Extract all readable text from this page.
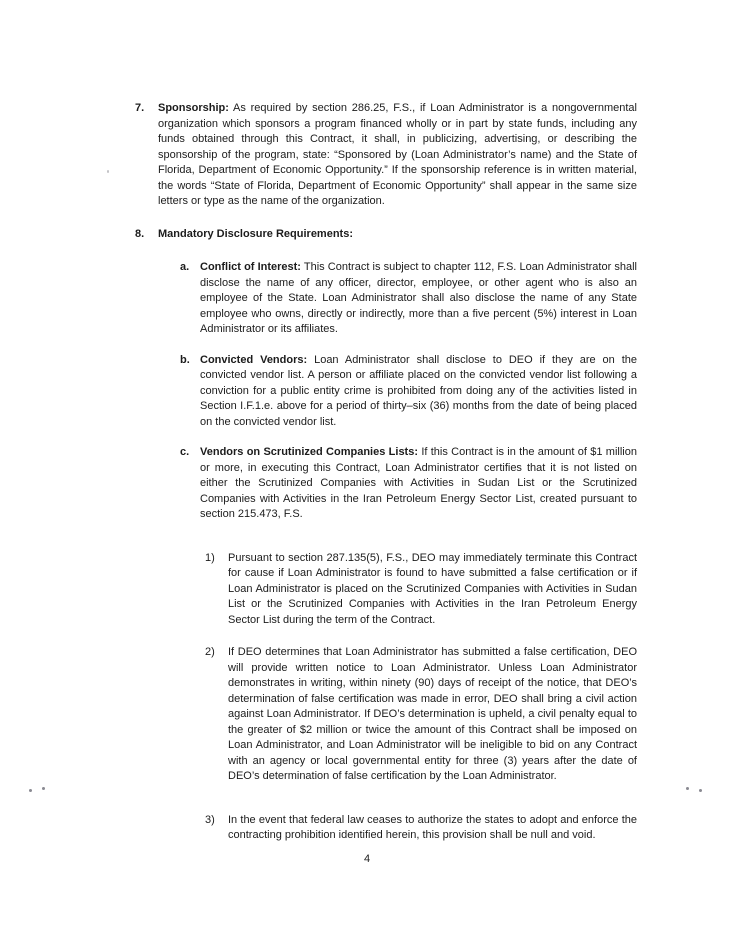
7.	Sponsorship: As required by section 286.25, F.S., if Loan Administrator is a nongovernmental organization which sponsors a program financed wholly or in part by state funds, including any funds obtained through this Contract, it shall, in publicizing, advertising, or describing the sponsorship of the program, state: “Sponsored by (Loan Administrator’s name) and the State of Florida, Department of Economic Opportunity.” If the sponsorship reference is in written material, the words “State of Florida, Department of Economic Opportunity” shall appear in the same size letters or type as the name of the organization.

8.	Mandatory Disclosure Requirements:

a. Conflict of Interest: This Contract is subject to chapter 112, F.S. Loan Administrator shall disclose the name of any officer, director, employee, or other agent who is also an employee of the State. Loan Administrator shall also disclose the name of any State employee who owns, directly or indirectly, more than a five percent (5%) interest in Loan Administrator or its affiliates.

b. Convicted Vendors: Loan Administrator shall disclose to DEO if they are on the convicted vendor list. A person or affiliate placed on the convicted vendor list following a conviction for a public entity crime is prohibited from doing any of the activities listed in Section I.F.1.e. above for a period of thirty–six (36) months from the date of being placed on the convicted vendor list.

c. Vendors on Scrutinized Companies Lists: If this Contract is in the amount of $1 million or more, in executing this Contract, Loan Administrator certifies that it is not listed on either the Scrutinized Companies with Activities in Sudan List or the Scrutinized Companies with Activities in the Iran Petroleum Energy Sector List, created pursuant to section 215.473, F.S.

1)	Pursuant to section 287.135(5), F.S., DEO may immediately terminate this Contract for cause if Loan Administrator is found to have submitted a false certification or if Loan Administrator is placed on the Scrutinized Companies with Activities in Sudan List or the Scrutinized Companies with Activities in the Iran Petroleum Energy Sector List during the term of the Contract.

2)	If DEO determines that Loan Administrator has submitted a false certification, DEO will provide written notice to Loan Administrator. Unless Loan Administrator demonstrates in writing, within ninety (90) days of receipt of the notice, that DEO’s determination of false certification was made in error, DEO shall bring a civil action against Loan Administrator. If DEO’s determination is upheld, a civil penalty equal to the greater of $2 million or twice the amount of this Contract shall be imposed on Loan Administrator, and Loan Administrator will be ineligible to bid on any Contract with an agency or local governmental entity for three (3) years after the date of DEO’s determination of false certification by the Loan Administrator.

3)	In the event that federal law ceases to authorize the states to adopt and enforce the contracting prohibition identified herein, this provision shall be null and void.

4
